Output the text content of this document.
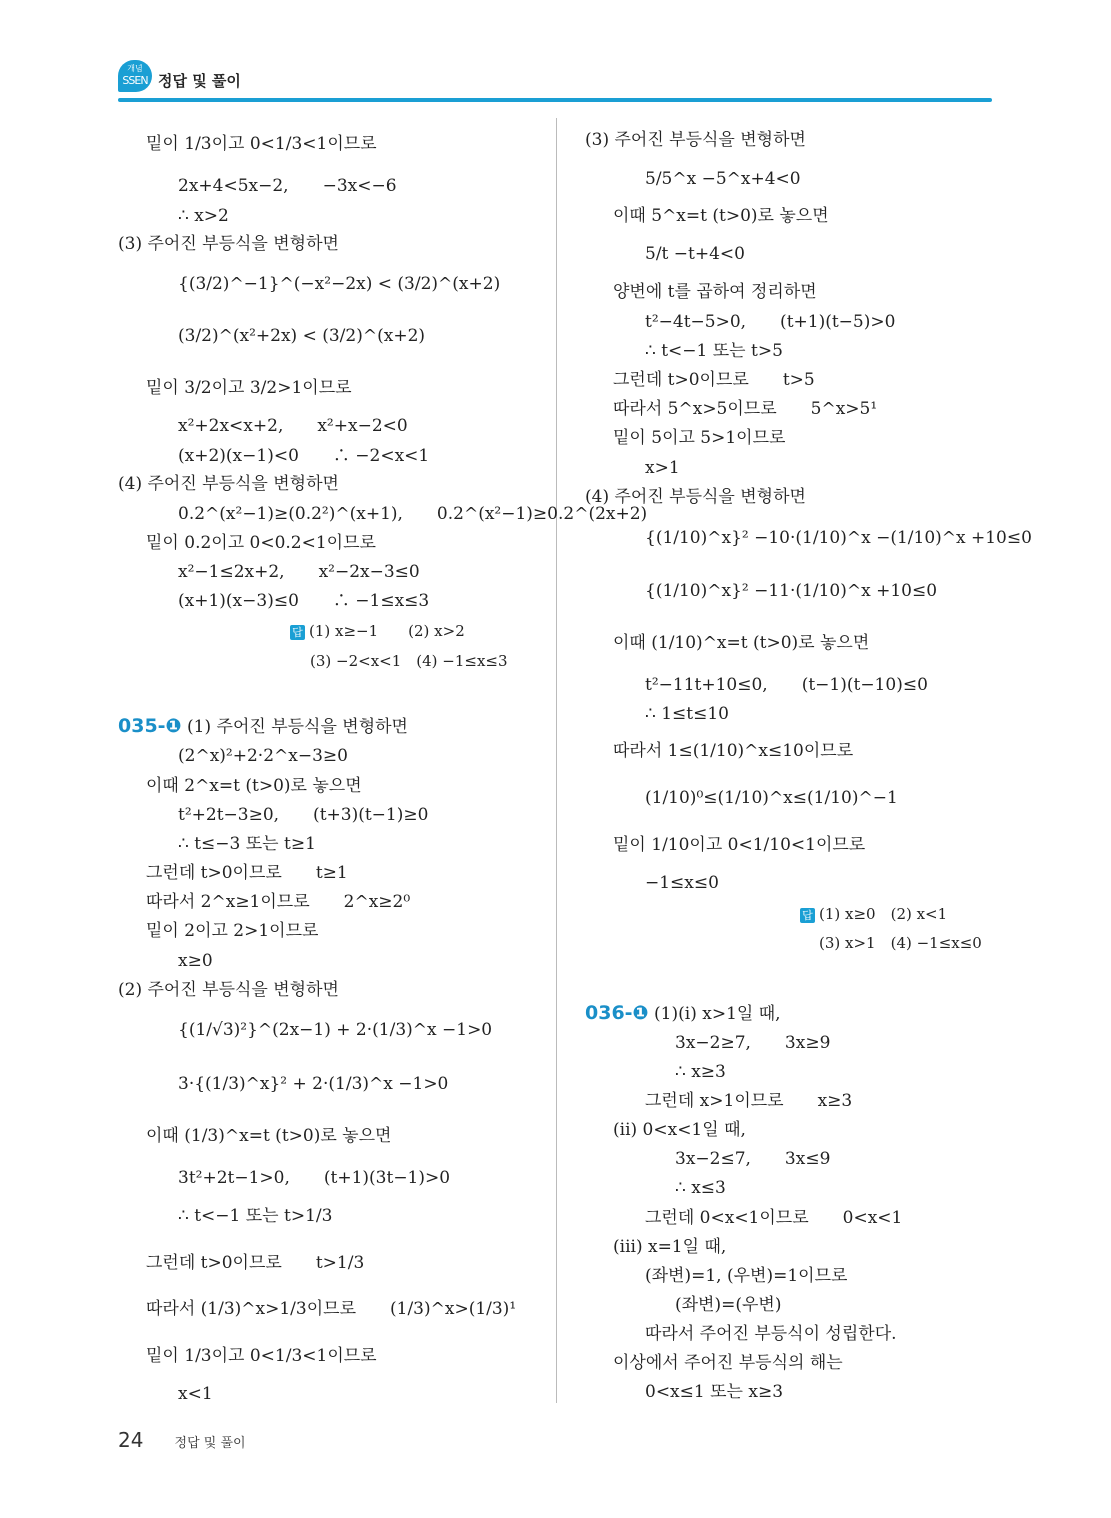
개념
SSEN 정답 및 풀이
밑이 1/3이고 0<1/3<1이므로
2x+4<5x−2,　　−3x<−6
∴ x>2
(3) 주어진 부등식을 변형하면
{(3/2)^−1}^(−x²−2x) < (3/2)^(x+2)
(3/2)^(x²+2x) < (3/2)^(x+2)
밑이 3/2이고 3/2>1이므로
x²+2x<x+2,　　x²+x−2<0
(x+2)(x−1)<0　　∴ −2<x<1
(4) 주어진 부등식을 변형하면
0.2^(x²−1)≥(0.2²)^(x+1),　　0.2^(x²−1)≥0.2^(2x+2)
밑이 0.2이고 0<0.2<1이므로
x²−1≤2x+2,　　x²−2x−3≤0
(x+1)(x−3)≤0　　∴ −1≤x≤3
답 (1) x≥−1　　(2) x>2
(3) −2<x<1　(4) −1≤x≤3
035-❶ (1) 주어진 부등식을 변형하면
(2^x)²+2·2^x−3≥0
이때 2^x=t (t>0)로 놓으면
t²+2t−3≥0,　　(t+3)(t−1)≥0
∴ t≤−3 또는 t≥1
그런데 t>0이므로　　t≥1
따라서 2^x≥1이므로　　2^x≥2⁰
밑이 2이고 2>1이므로
x≥0
(2) 주어진 부등식을 변형하면
{(1/√3)²}^(2x−1) + 2·(1/3)^x −1>0
3·{(1/3)^x}² + 2·(1/3)^x −1>0
이때 (1/3)^x=t (t>0)로 놓으면
3t²+2t−1>0,　　(t+1)(3t−1)>0
∴ t<−1 또는 t>1/3
그런데 t>0이므로　　t>1/3
따라서 (1/3)^x>1/3이므로　　(1/3)^x>(1/3)¹
밑이 1/3이고 0<1/3<1이므로
x<1
(3) 주어진 부등식을 변형하면
5/5^x −5^x+4<0
이때 5^x=t (t>0)로 놓으면
5/t −t+4<0
양변에 t를 곱하여 정리하면
t²−4t−5>0,　　(t+1)(t−5)>0
∴ t<−1 또는 t>5
그런데 t>0이므로　　t>5
따라서 5^x>5이므로　　5^x>5¹
밑이 5이고 5>1이므로
x>1
(4) 주어진 부등식을 변형하면
{(1/10)^x}² −10·(1/10)^x −(1/10)^x +10≤0
{(1/10)^x}² −11·(1/10)^x +10≤0
이때 (1/10)^x=t (t>0)로 놓으면
t²−11t+10≤0,　　(t−1)(t−10)≤0
∴ 1≤t≤10
따라서 1≤(1/10)^x≤10이므로
(1/10)⁰≤(1/10)^x≤(1/10)^−1
밑이 1/10이고 0<1/10<1이므로
−1≤x≤0
답 (1) x≥0　(2) x<1
(3) x>1　(4) −1≤x≤0
036-❶ (1)(i) x>1일 때,
3x−2≥7,　　3x≥9
∴ x≥3
그런데 x>1이므로　　x≥3
(ii) 0<x<1일 때,
3x−2≤7,　　3x≤9
∴ x≤3
그런데 0<x<1이므로　　0<x<1
(iii) x=1일 때,
(좌변)=1, (우변)=1이므로
(좌변)=(우변)
따라서 주어진 부등식이 성립한다.
이상에서 주어진 부등식의 해는
0<x≤1 또는 x≥3
24 정답 및 풀이
